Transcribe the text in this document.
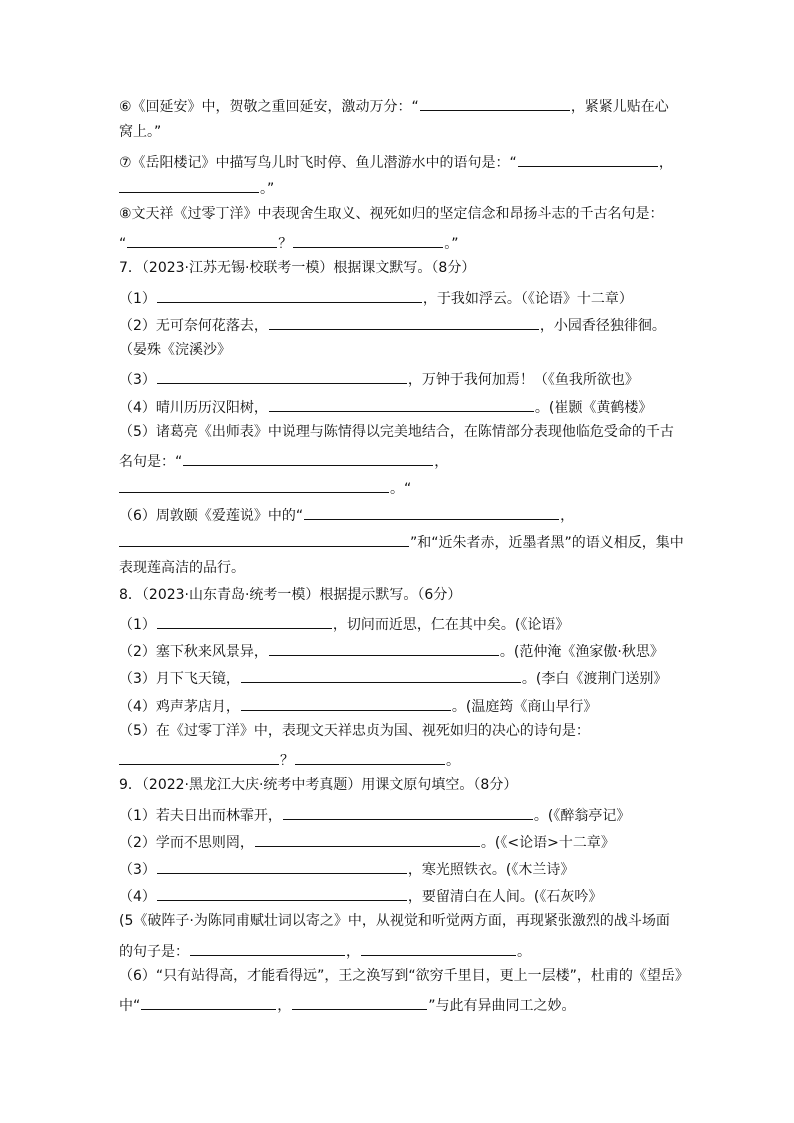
⑥《回延安》中，贺敬之重回延安，激动万分：“	，紧紧儿贴在心
窝上。”
⑦《岳阳楼记》中描写鸟儿时飞时停、鱼儿潜游水中的语句是：“	，
。”
⑧文天祥《过零丁洋》中表现舍生取义、视死如归的坚定信念和昂扬斗志的千古名句是：
“	？	。”
7．（2023·江苏无锡·校联考一模）根据课文默写。（8分）
（1）	，于我如浮云。（《论语》十二章）
（2）无可奈何花落去，	，小园香径独徘徊。
（晏殊《浣溪沙》
（3）	，万钟于我何加焉！（《鱼我所欲也》
（4）晴川历历汉阳树，	。(崔颢《黄鹤楼》
（5）诸葛亮《出师表》中说理与陈情得以完美地结合，在陈情部分表现他临危受命的千古
名句是：“	，
。“
（6）周敦颐《爱莲说》中的“	，
”和“近朱者赤，近墨者黑”的语义相反，集中
表现莲高洁的品行。
8．（2023·山东青岛·统考一模）根据提示默写。（6分）
（1）	，切问而近思，仁在其中矣。(《论语》
（2）塞下秋来风景异，	。(范仲淹《渔家傲·秋思》
（3）月下飞天镜，	。(李白《渡荆门送别》
（4）鸡声茅店月，	。(温庭筠《商山早行》
（5）在《过零丁洋》中，表现文天祥忠贞为国、视死如归的决心的诗句是：
？	。
9．（2022·黑龙江大庆·统考中考真题）用课文原句填空。（8分）
（1）若夫日出而林霏开，	。(《醉翁亭记》
（2）学而不思则罔，	。(《<论语>十二章》
（3）	，寒光照铁衣。(《木兰诗》
（4）	，要留清白在人间。(《石灰吟》
(5《破阵子·为陈同甫赋壮词以寄之》中，从视觉和听觉两方面，再现紧张激烈的战斗场面
的句子是：	，	。
（6）“只有站得高，才能看得远”，王之涣写到“欲穷千里目，更上一层楼”，杜甫的《望岳》
中“	，	”与此有异曲同工之妙。
